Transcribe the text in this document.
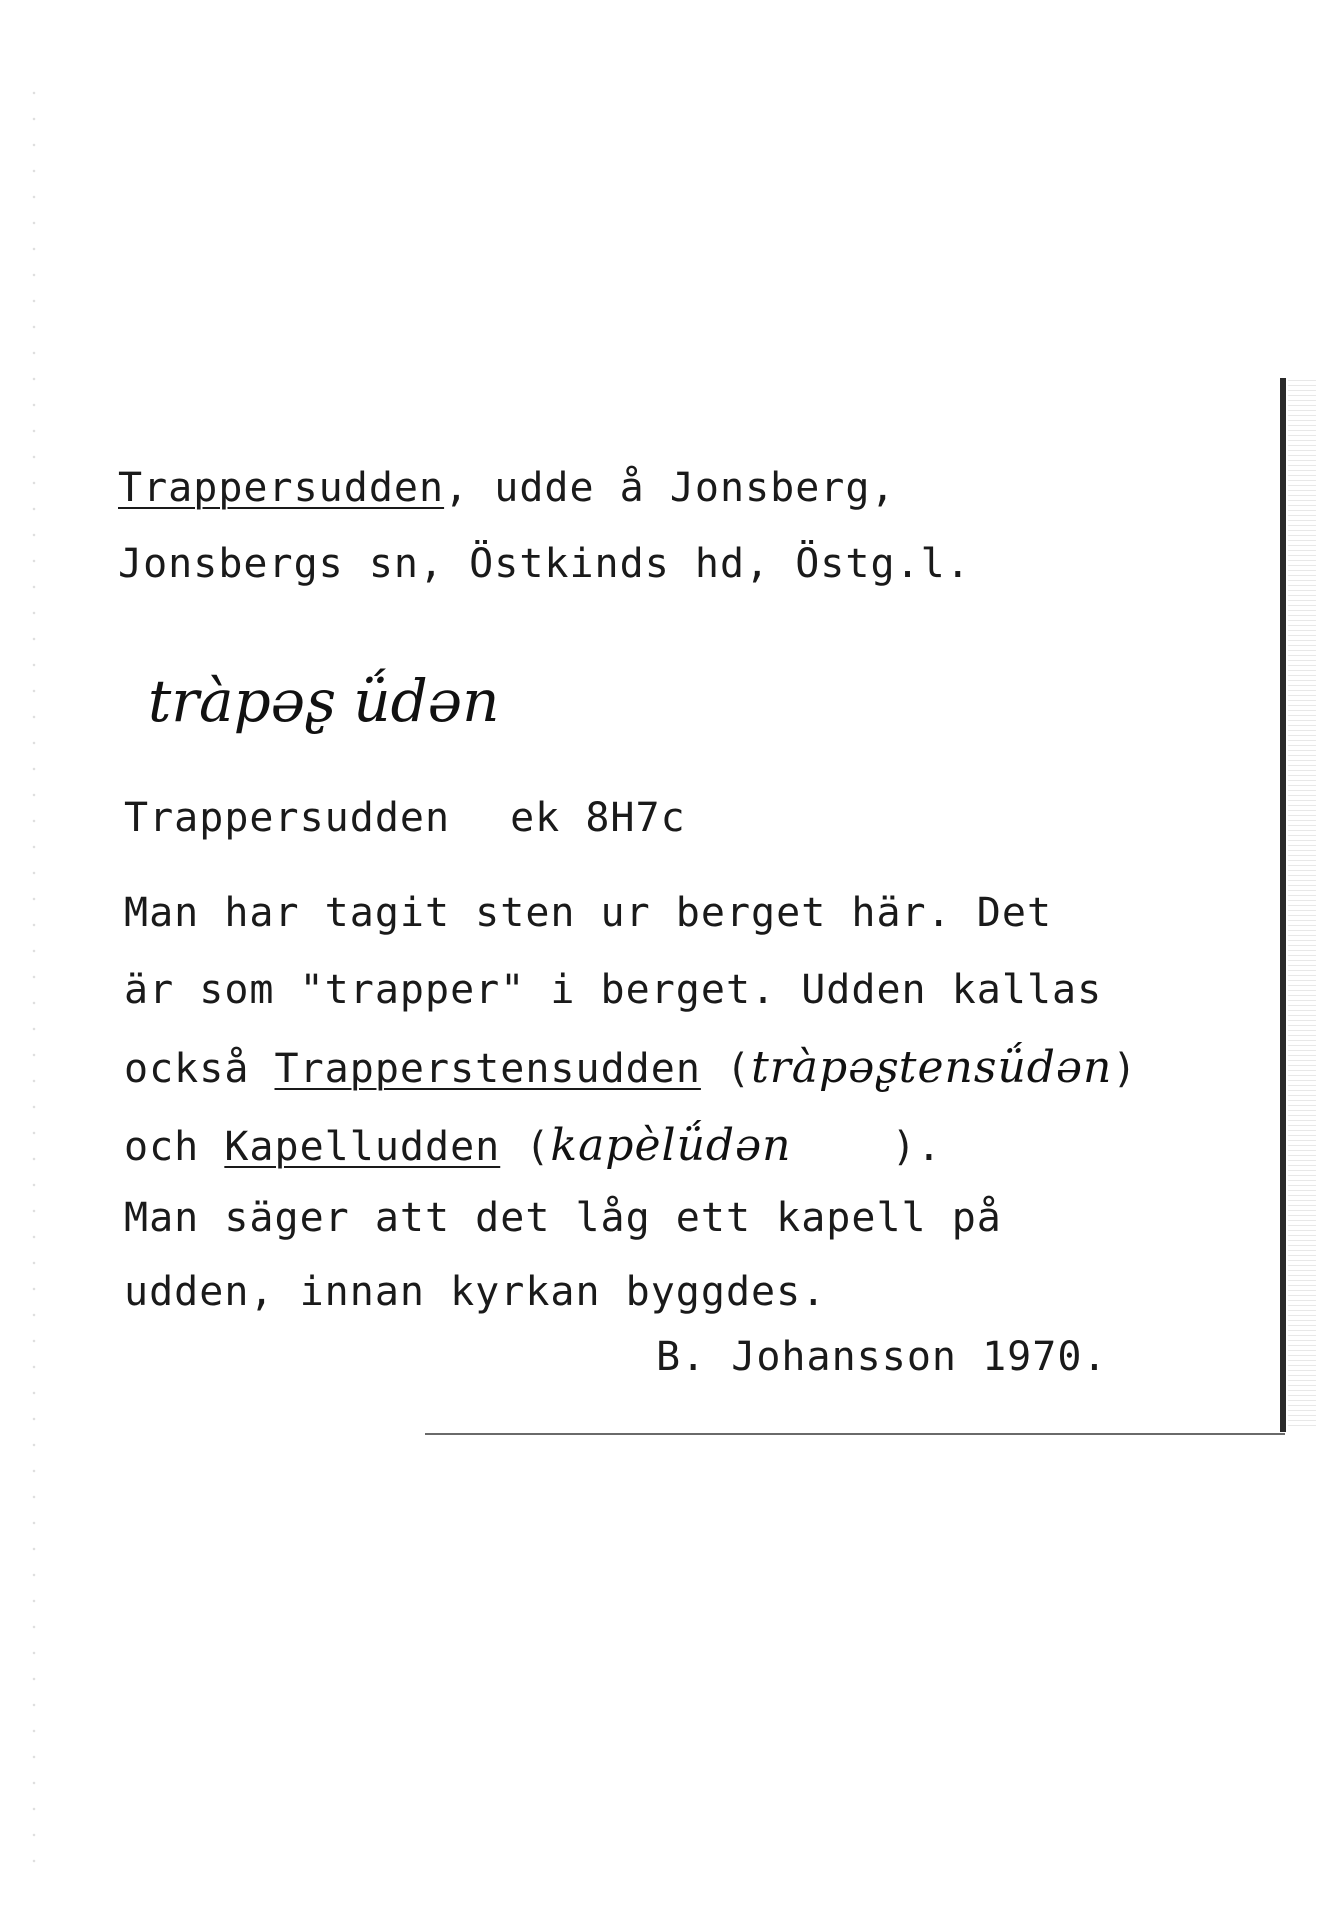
Trappersudden, udde å Jonsberg,
Jonsbergs sn, Östkinds hd, Östg.l.
tràpəʂ ǘdən
Trappersudden ek 8H7c
Man har tagit sten ur berget här. Det
är som "trapper" i berget. Udden kallas
också Trapperstensudden (tràpəʂtensǘdən)
och Kapelludden (kapèlǘdən    ).
Man säger att det låg ett kapell på
udden, innan kyrkan byggdes.
B. Johansson 1970.
